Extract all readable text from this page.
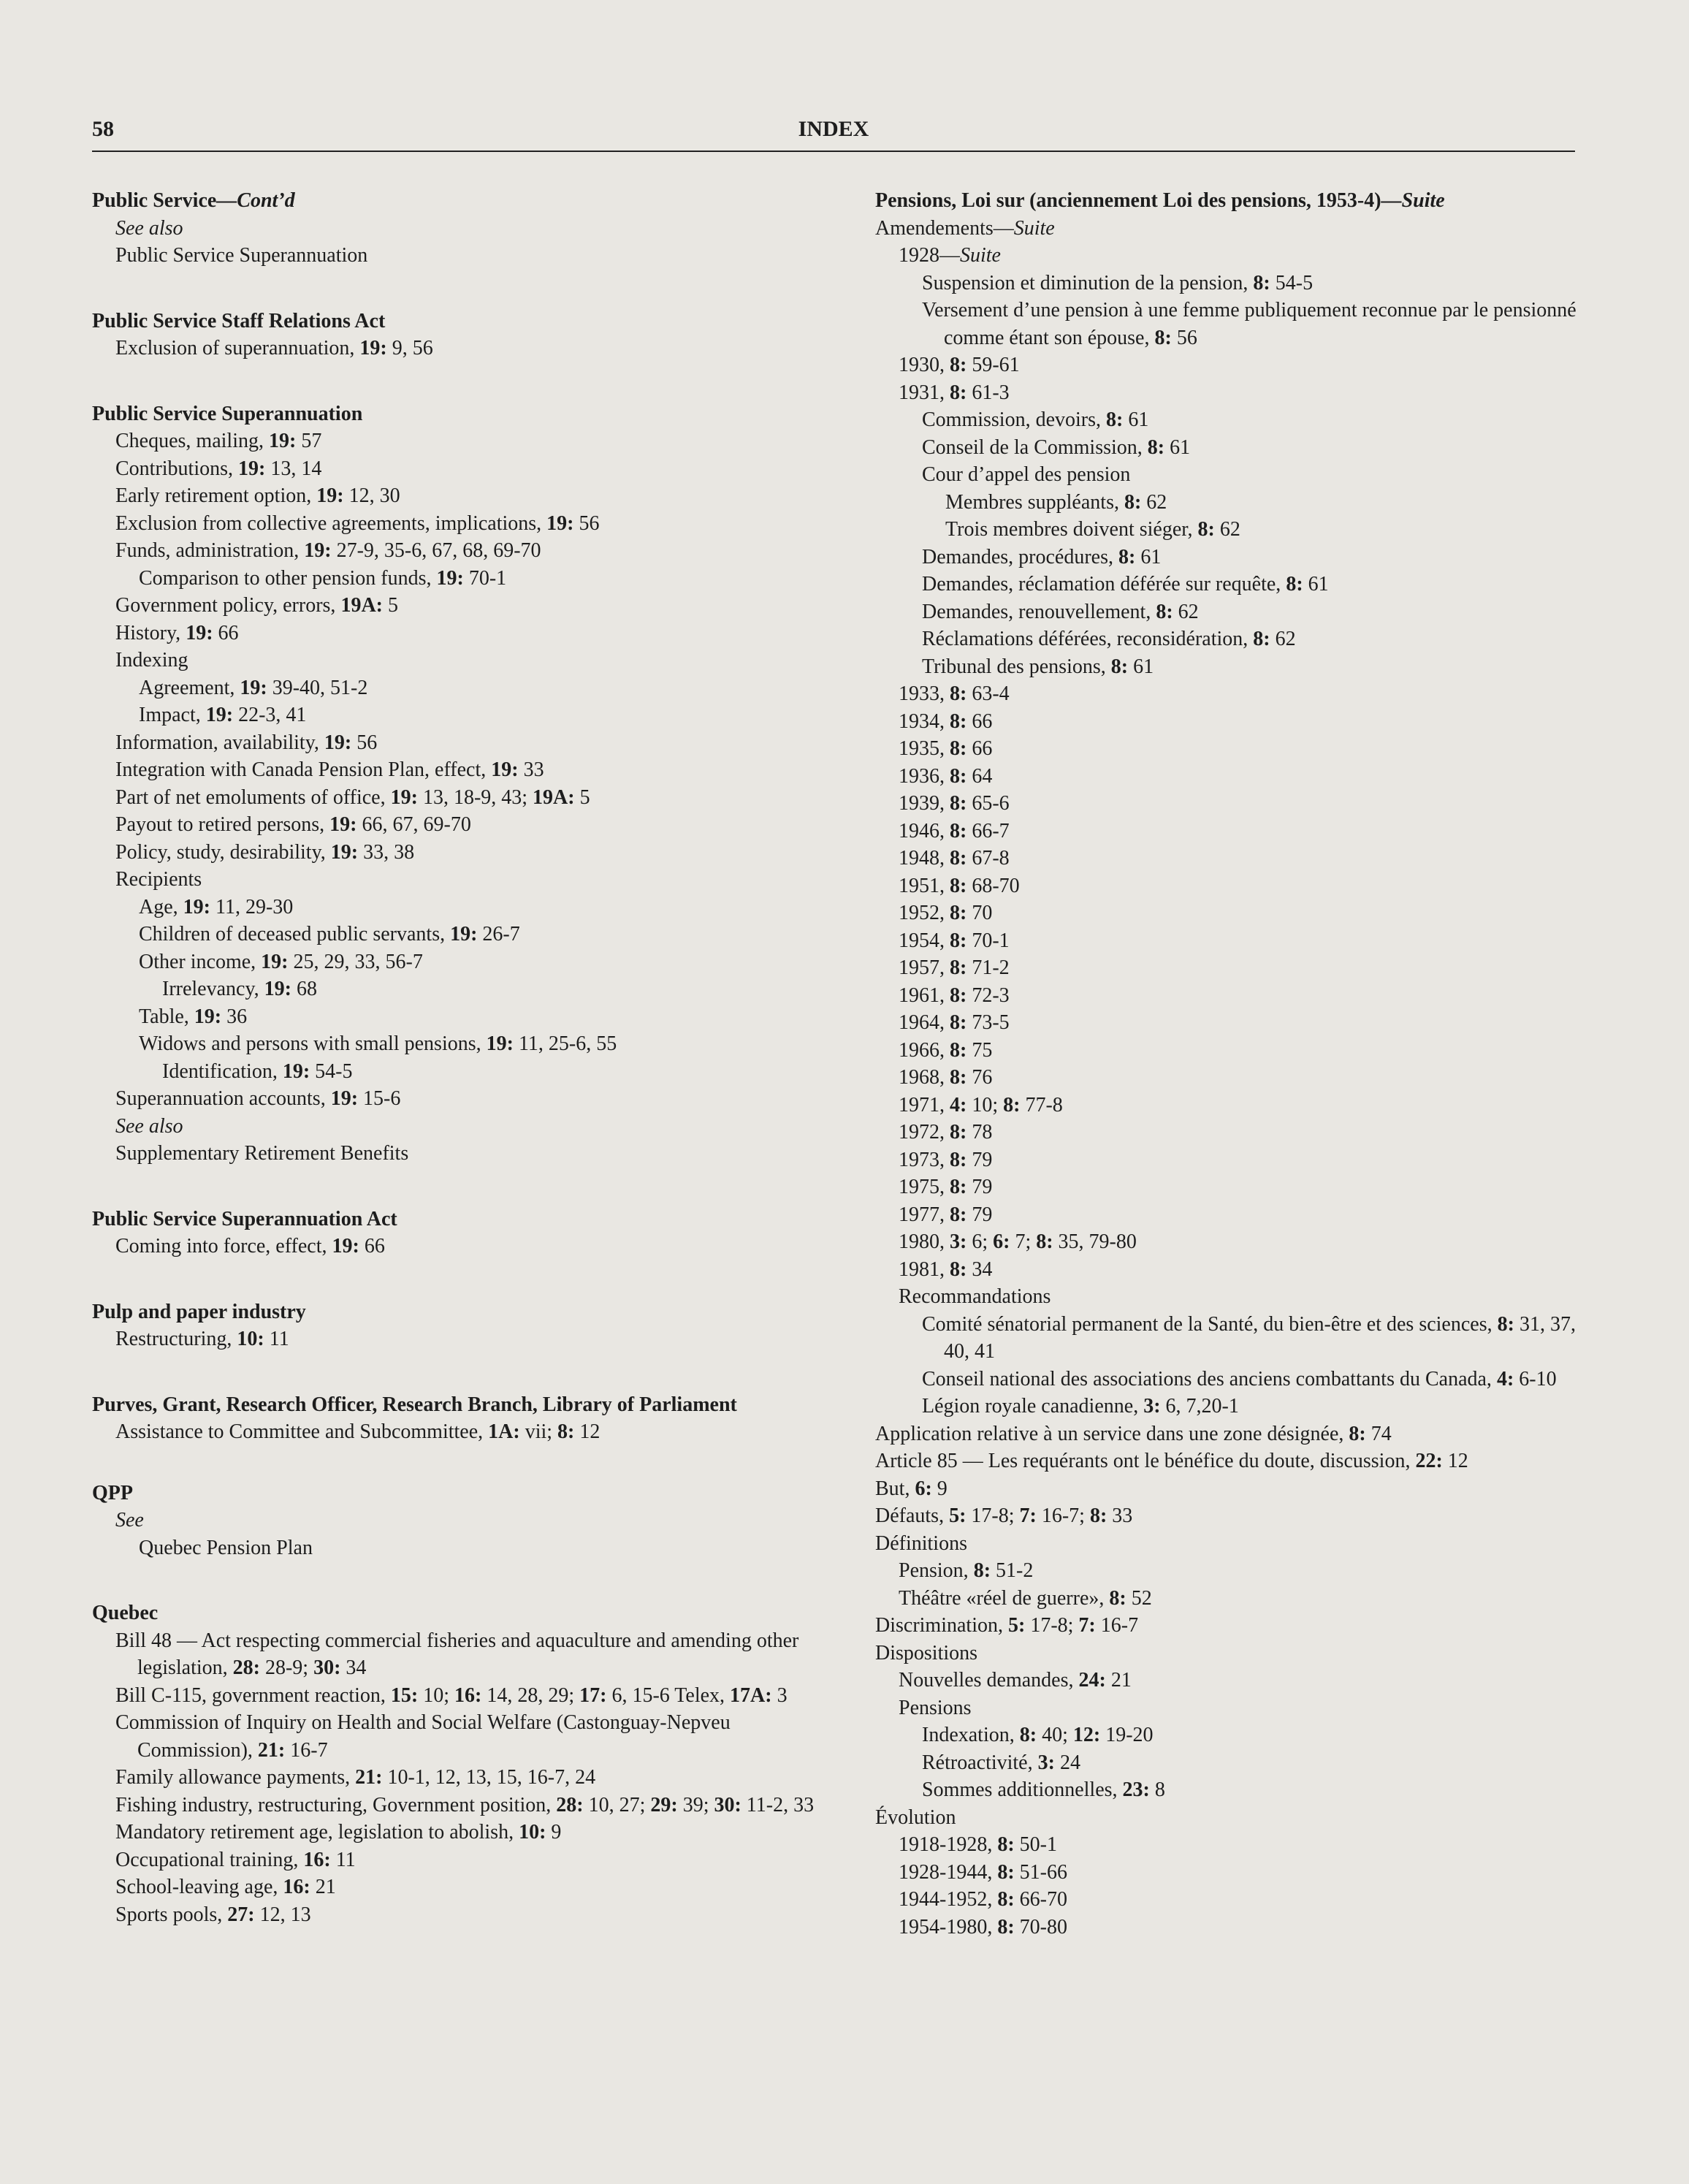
58	INDEX
Public Service—Cont’d
See also
Public Service Superannuation
Public Service Staff Relations Act
Exclusion of superannuation, 19: 9, 56
Public Service Superannuation
Cheques, mailing, 19: 57
Contributions, 19: 13, 14
Early retirement option, 19: 12, 30
Exclusion from collective agreements, implications, 19: 56
Funds, administration, 19: 27-9, 35-6, 67, 68, 69-70
Comparison to other pension funds, 19: 70-1
Government policy, errors, 19A: 5
History, 19: 66
Indexing
Agreement, 19: 39-40, 51-2
Impact, 19: 22-3, 41
Information, availability, 19: 56
Integration with Canada Pension Plan, effect, 19: 33
Part of net emoluments of office, 19: 13, 18-9, 43; 19A: 5
Payout to retired persons, 19: 66, 67, 69-70
Policy, study, desirability, 19: 33, 38
Recipients
Age, 19: 11, 29-30
Children of deceased public servants, 19: 26-7
Other income, 19: 25, 29, 33, 56-7
Irrelevancy, 19: 68
Table, 19: 36
Widows and persons with small pensions, 19: 11, 25-6, 55
Identification, 19: 54-5
Superannuation accounts, 19: 15-6
See also
Supplementary Retirement Benefits
Public Service Superannuation Act
Coming into force, effect, 19: 66
Pulp and paper industry
Restructuring, 10: 11
Purves, Grant, Research Officer, Research Branch, Library of Parliament
Assistance to Committee and Subcommittee, 1A: vii; 8: 12
QPP
See
Quebec Pension Plan
Quebec
Bill 48 — Act respecting commercial fisheries and aquaculture and amending other legislation, 28: 28-9; 30: 34
Bill C-115, government reaction, 15: 10; 16: 14, 28, 29; 17: 6, 15-6 Telex, 17A: 3
Commission of Inquiry on Health and Social Welfare (Castonguay-Nepveu Commission), 21: 16-7
Family allowance payments, 21: 10-1, 12, 13, 15, 16-7, 24
Fishing industry, restructuring, Government position, 28: 10, 27; 29: 39; 30: 11-2, 33
Mandatory retirement age, legislation to abolish, 10: 9
Occupational training, 16: 11
School-leaving age, 16: 21
Sports pools, 27: 12, 13
Pensions, Loi sur (anciennement Loi des pensions, 1953-4)—Suite
Amendements—Suite
1928—Suite
Suspension et diminution de la pension, 8: 54-5
Versement d’une pension à une femme publiquement reconnue par le pensionné comme étant son épouse, 8: 56
1930, 8: 59-61
1931, 8: 61-3
Commission, devoirs, 8: 61
Conseil de la Commission, 8: 61
Cour d’appel des pension
Membres suppléants, 8: 62
Trois membres doivent siéger, 8: 62
Demandes, procédures, 8: 61
Demandes, réclamation déférée sur requête, 8: 61
Demandes, renouvellement, 8: 62
Réclamations déférées, reconsidération, 8: 62
Tribunal des pensions, 8: 61
1933, 8: 63-4
1934, 8: 66
1935, 8: 66
1936, 8: 64
1939, 8: 65-6
1946, 8: 66-7
1948, 8: 67-8
1951, 8: 68-70
1952, 8: 70
1954, 8: 70-1
1957, 8: 71-2
1961, 8: 72-3
1964, 8: 73-5
1966, 8: 75
1968, 8: 76
1971, 4: 10; 8: 77-8
1972, 8: 78
1973, 8: 79
1975, 8: 79
1977, 8: 79
1980, 3: 6; 6: 7; 8: 35, 79-80
1981, 8: 34
Recommandations
Comité sénatorial permanent de la Santé, du bien-être et des sciences, 8: 31, 37, 40, 41
Conseil national des associations des anciens combattants du Canada, 4: 6-10
Légion royale canadienne, 3: 6, 7,20-1
Application relative à un service dans une zone désignée, 8: 74
Article 85 — Les requérants ont le bénéfice du doute, discussion, 22: 12
But, 6: 9
Défauts, 5: 17-8; 7: 16-7; 8: 33
Définitions
Pension, 8: 51-2
Théâtre «réel de guerre», 8: 52
Discrimination, 5: 17-8; 7: 16-7
Dispositions
Nouvelles demandes, 24: 21
Pensions
Indexation, 8: 40; 12: 19-20
Rétroactivité, 3: 24
Sommes additionnelles, 23: 8
Évolution
1918-1928, 8: 50-1
1928-1944, 8: 51-66
1944-1952, 8: 66-70
1954-1980, 8: 70-80
